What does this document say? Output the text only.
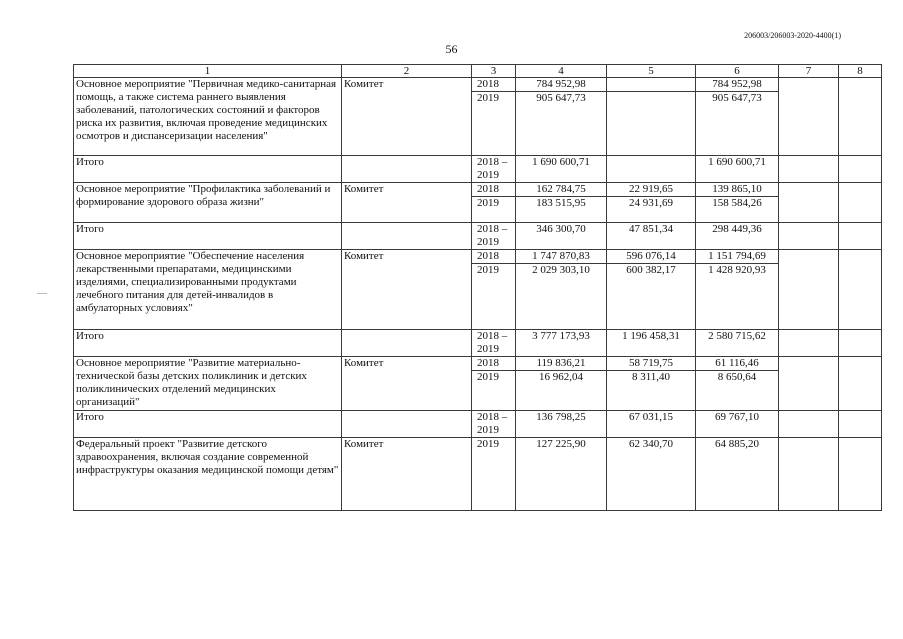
206003/206003-2020-4400(1)
56
1	2	3	4	5	6	7	8
Основное мероприятие "Первичная медико-санитарная помощь, а также система раннего выявления заболеваний, патологических состояний и факторов риска их развития, включая проведение медицинских осмотров и диспансеризации населения"	Комитет	2018	784 952,98		784 952,98		
		2019	905 647,73		905 647,73		
Итого		2018 – 2019	1 690 600,71		1 690 600,71		
Основное мероприятие "Профилактика заболеваний и формирование здорового образа жизни"	Комитет	2018	162 784,75	22 919,65	139 865,10		
		2019	183 515,95	24 931,69	158 584,26		
Итого		2018 – 2019	346 300,70	47 851,34	298 449,36		
Основное мероприятие "Обеспечение населения лекарственными препаратами, медицинскими изделиями, специализированными продуктами лечебного питания для детей-инвалидов в амбулаторных условиях"	Комитет	2018	1 747 870,83	596 076,14	1 151 794,69		
		2019	2 029 303,10	600 382,17	1 428 920,93		
Итого		2018 – 2019	3 777 173,93	1 196 458,31	2 580 715,62		
Основное мероприятие "Развитие материально-технической базы детских поликлиник и детских поликлинических отделений медицинских организаций"	Комитет	2018	119 836,21	58 719,75	61 116,46		
		2019	16 962,04	8 311,40	8 650,64		
Итого		2018 – 2019	136 798,25	67 031,15	69 767,10		
Федеральный проект "Развитие детского здравоохранения, включая создание современной инфраструктуры оказания медицинской помощи детям"	Комитет	2019	127 225,90	62 340,70	64 885,20		
